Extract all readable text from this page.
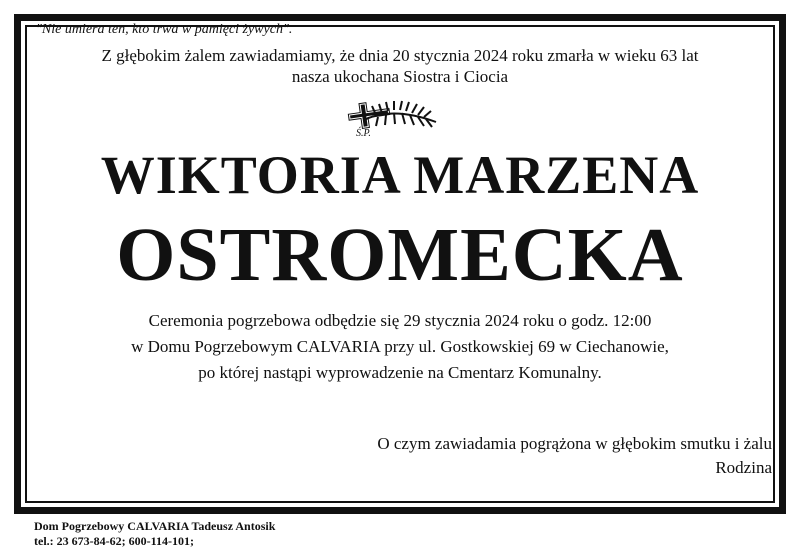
"Nie umiera ten, kto trwa w pamięci żywych".
Z głębokim żalem zawiadamiamy, że dnia 20 stycznia 2024 roku zmarła w wieku 63 lat
nasza ukochana Siostra i Ciocia
Ś.P.
WIKTORIA MARZENA
OSTROMECKA
Ceremonia pogrzebowa odbędzie się 29 stycznia 2024 roku o godz. 12:00
w Domu Pogrzebowym CALVARIA przy ul. Gostkowskiej 69 w Ciechanowie,
po której nastąpi wyprowadzenie na Cmentarz Komunalny.
O czym zawiadamia pogrążona w głębokim smutku i żalu
Rodzina
Dom Pogrzebowy CALVARIA Tadeusz Antosik
tel.: 23 673-84-62; 600-114-101;
